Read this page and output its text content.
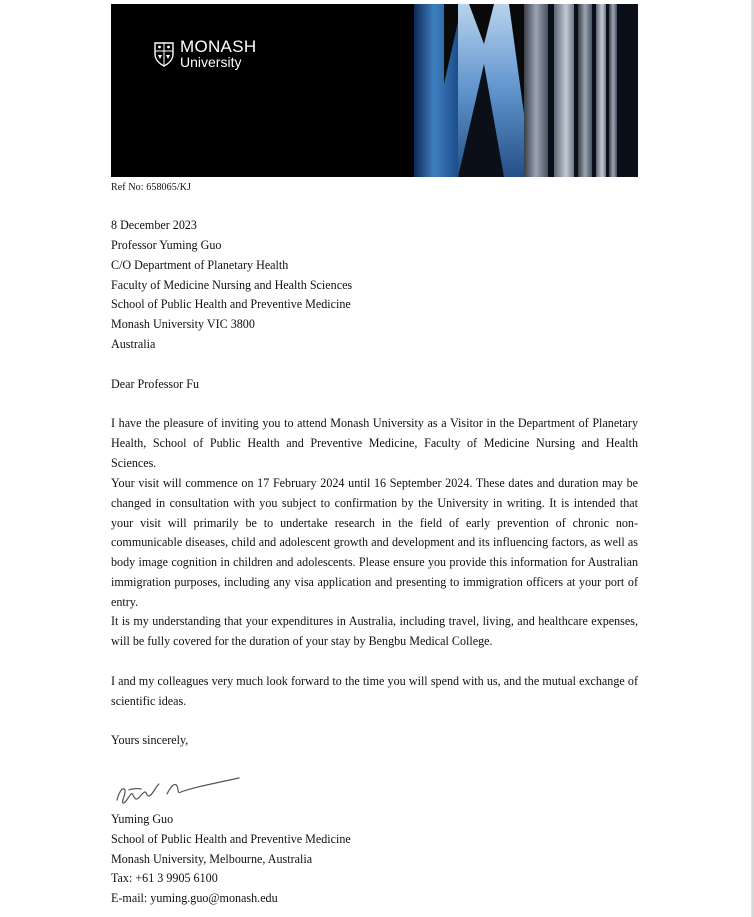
MONASH
University
Ref No: 658065/KJ
8 December 2023
Professor Yuming Guo
C/O Department of Planetary Health
Faculty of Medicine Nursing and Health Sciences
School of Public Health and Preventive Medicine
Monash University VIC 3800
Australia
Dear Professor Fu
I have the pleasure of inviting you to attend Monash University as a Visitor in the Department of Planetary Health, School of Public Health and Preventive Medicine, Faculty of Medicine Nursing and Health Sciences.
Your visit will commence on 17 February 2024 until 16 September 2024. These dates and duration may be changed in consultation with you subject to confirmation by the University in writing. It is intended that your visit will primarily be to undertake research in the field of early prevention of chronic non-communicable diseases, child and adolescent growth and development and its influencing factors, as well as body image cognition in children and adolescents. Please ensure you provide this information for Australian immigration purposes, including any visa application and presenting to immigration officers at your port of entry.
It is my understanding that your expenditures in Australia, including travel, living, and healthcare expenses, will be fully covered for the duration of your stay by Bengbu Medical College.
I and my colleagues very much look forward to the time you will spend with us, and the mutual exchange of scientific ideas.
Yours sincerely,
Yuming Guo
School of Public Health and Preventive Medicine
Monash University, Melbourne, Australia
Tax: +61 3 9905 6100
E-mail: yuming.guo@monash.edu
